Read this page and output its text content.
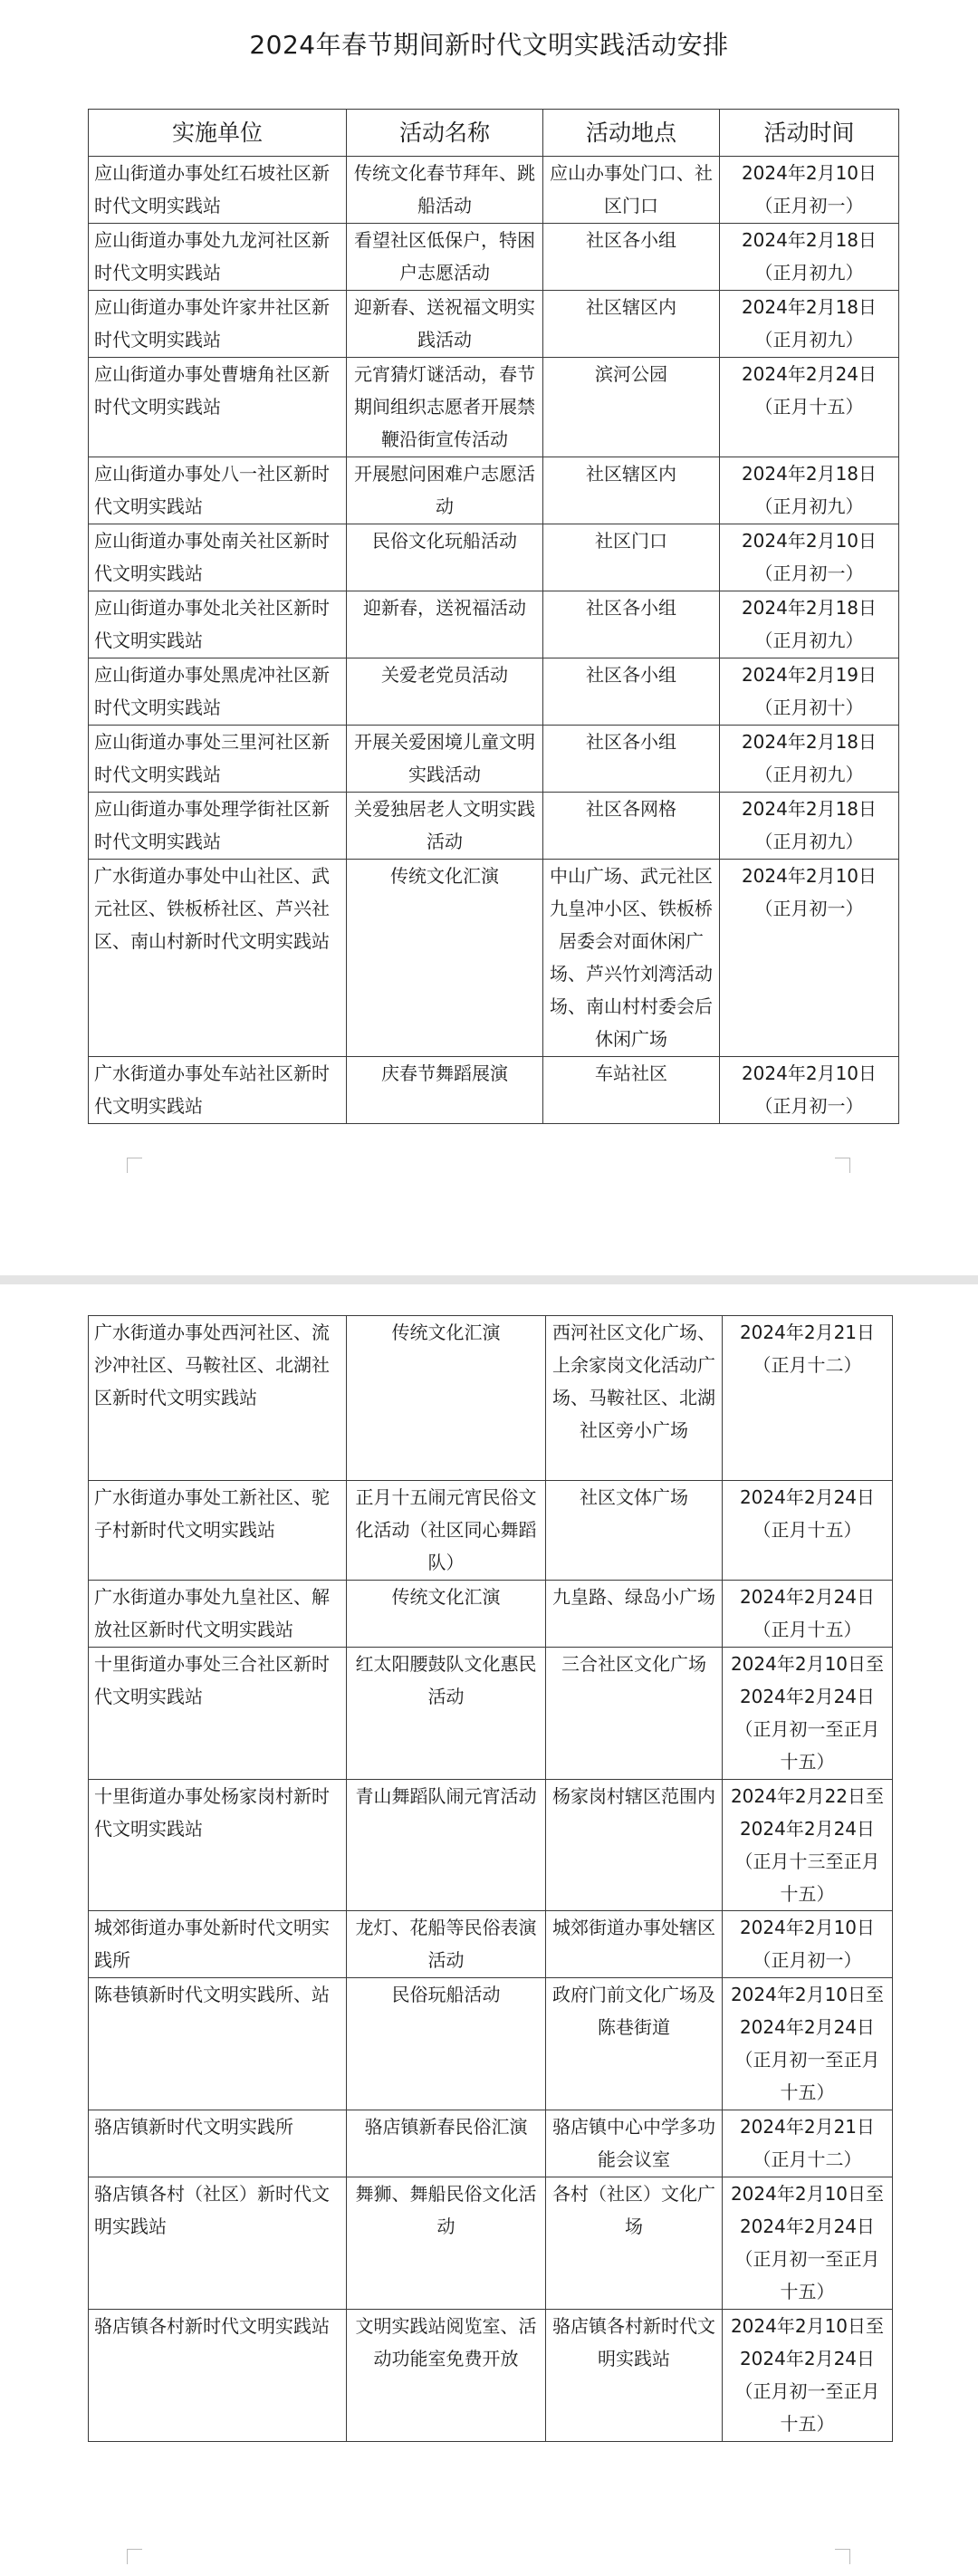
2024年春节期间新时代文明实践活动安排
实施单位	活动名称	活动地点	活动时间
应山街道办事处红石坡社区新时代文明实践站	传统文化春节拜年、跳船活动	应山办事处门口、社区门口	2024年2月10日（正月初一）
应山街道办事处九龙河社区新时代文明实践站	看望社区低保户，特困户志愿活动	社区各小组	2024年2月18日（正月初九）
应山街道办事处许家井社区新时代文明实践站	迎新春、送祝福文明实践活动	社区辖区内	2024年2月18日（正月初九）
应山街道办事处曹塘角社区新时代文明实践站	元宵猜灯谜活动，春节期间组织志愿者开展禁鞭沿街宣传活动	滨河公园	2024年2月24日（正月十五）
应山街道办事处八一社区新时代文明实践站	开展慰问困难户志愿活动	社区辖区内	2024年2月18日（正月初九）
应山街道办事处南关社区新时代文明实践站	民俗文化玩船活动	社区门口	2024年2月10日（正月初一）
应山街道办事处北关社区新时代文明实践站	迎新春，送祝福活动	社区各小组	2024年2月18日（正月初九）
应山街道办事处黑虎冲社区新时代文明实践站	关爱老党员活动	社区各小组	2024年2月19日（正月初十）
应山街道办事处三里河社区新时代文明实践站	开展关爱困境儿童文明实践活动	社区各小组	2024年2月18日（正月初九）
应山街道办事处理学街社区新时代文明实践站	关爱独居老人文明实践活动	社区各网格	2024年2月18日（正月初九）
广水街道办事处中山社区、武元社区、铁板桥社区、芦兴社区、南山村新时代文明实践站	传统文化汇演	中山广场、武元社区九皇冲小区、铁板桥居委会对面休闲广场、芦兴竹刘湾活动场、南山村村委会后休闲广场	2024年2月10日（正月初一）
广水街道办事处车站社区新时代文明实践站	庆春节舞蹈展演	车站社区	2024年2月10日（正月初一）
广水街道办事处西河社区、流沙冲社区、马鞍社区、北湖社区新时代文明实践站	传统文化汇演	西河社区文化广场、上余家岗文化活动广场、马鞍社区、北湖社区旁小广场	2024年2月21日（正月十二）
广水街道办事处工新社区、驼子村新时代文明实践站	正月十五闹元宵民俗文化活动（社区同心舞蹈队）	社区文体广场	2024年2月24日（正月十五）
广水街道办事处九皇社区、解放社区新时代文明实践站	传统文化汇演	九皇路、绿岛小广场	2024年2月24日（正月十五）
十里街道办事处三合社区新时代文明实践站	红太阳腰鼓队文化惠民活动	三合社区文化广场	2024年2月10日至2024年2月24日（正月初一至正月十五）
十里街道办事处杨家岗村新时代文明实践站	青山舞蹈队闹元宵活动	杨家岗村辖区范围内	2024年2月22日至2024年2月24日（正月十三至正月十五）
城郊街道办事处新时代文明实践所	龙灯、花船等民俗表演活动	城郊街道办事处辖区	2024年2月10日（正月初一）
陈巷镇新时代文明实践所、站	民俗玩船活动	政府门前文化广场及陈巷街道	2024年2月10日至2024年2月24日（正月初一至正月十五）
骆店镇新时代文明实践所	骆店镇新春民俗汇演	骆店镇中心中学多功能会议室	2024年2月21日（正月十二）
骆店镇各村（社区）新时代文明实践站	舞狮、舞船民俗文化活动	各村（社区）文化广场	2024年2月10日至2024年2月24日（正月初一至正月十五）
骆店镇各村新时代文明实践站	文明实践站阅览室、活动功能室免费开放	骆店镇各村新时代文明实践站	2024年2月10日至2024年2月24日（正月初一至正月十五）
